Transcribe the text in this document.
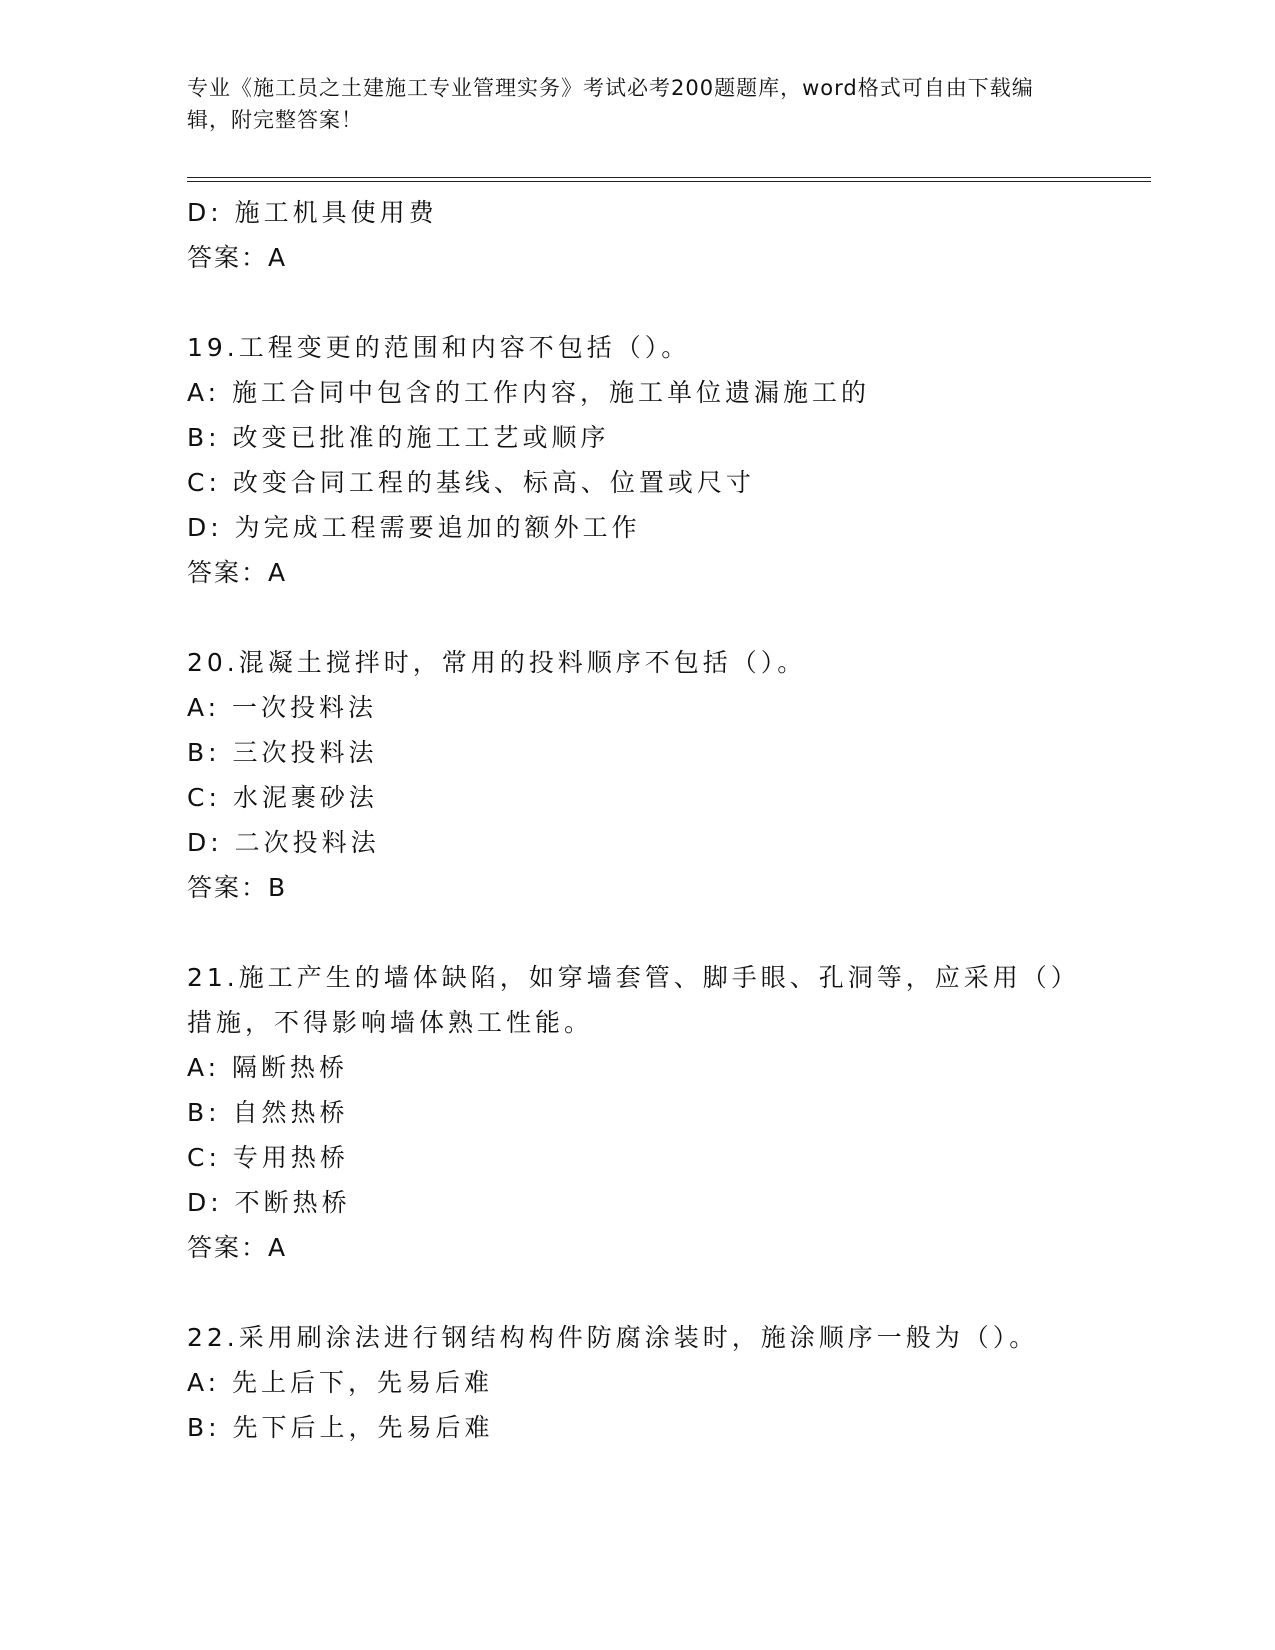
专业《施工员之土建施工专业管理实务》考试必考200题题库，word格式可自由下载编辑，附完整答案！
D: 施工机具使用费
答案：A
19.工程变更的范围和内容不包括（）。
A: 施工合同中包含的工作内容，施工单位遗漏施工的
B: 改变已批准的施工工艺或顺序
C: 改变合同工程的基线、标高、位置或尺寸
D: 为完成工程需要追加的额外工作
答案：A
20.混凝土搅拌时，常用的投料顺序不包括（）。
A: 一次投料法
B: 三次投料法
C: 水泥裹砂法
D: 二次投料法
答案：B
21.施工产生的墙体缺陷，如穿墙套管、脚手眼、孔洞等，应采用（）措施，不得影响墙体熟工性能。
A: 隔断热桥
B: 自然热桥
C: 专用热桥
D: 不断热桥
答案：A
22.采用刷涂法进行钢结构构件防腐涂装时，施涂顺序一般为（）。
A: 先上后下，先易后难
B: 先下后上，先易后难
